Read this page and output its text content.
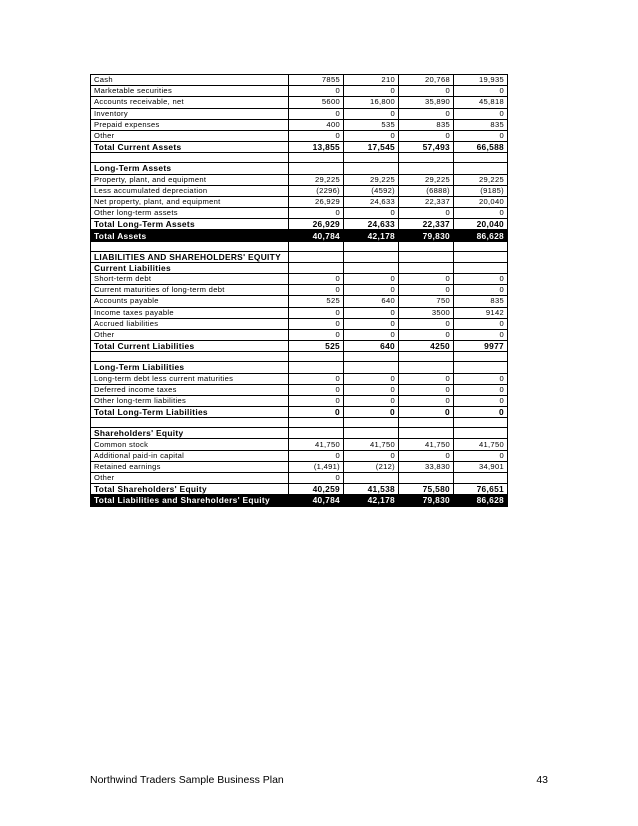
Cash	7855	210	20,768	19,935
Marketable securities	0	0	0	0
Accounts receivable, net	5600	16,800	35,890	45,818
Inventory	0	0	0	0
Prepaid expenses	400	535	835	835
Other	0	0	0	0
Total Current Assets	13,855	17,545	57,493	66,588

Long-Term Assets				
Property, plant, and equipment	29,225	29,225	29,225	29,225
Less accumulated depreciation	(2296)	(4592)	(6888)	(9185)
Net property, plant, and equipment	26,929	24,633	22,337	20,040
Other long-term assets	0	0	0	0
Total Long-Term Assets	26,929	24,633	22,337	20,040
Total Assets	40,784	42,178	79,830	86,628

LIABILITIES AND SHAREHOLDERS' EQUITY				
Current Liabilities				
Short-term debt	0	0	0	0
Current maturities of long-term debt	0	0	0	0
Accounts payable	525	640	750	835
Income taxes payable	0	0	3500	9142
Accrued liabilities	0	0	0	0
Other	0	0	0	0
Total Current Liabilities	525	640	4250	9977

Long-Term Liabilities				
Long-term debt less current maturities	0	0	0	0
Deferred income taxes	0	0	0	0
Other long-term liabilities	0	0	0	0
Total Long-Term Liabilities	0	0	0	0

Shareholders' Equity				
Common stock	41,750	41,750	41,750	41,750
Additional paid-in capital	0	0	0	0
Retained earnings	(1,491)	(212)	33,830	34,901
Other	0			
Total Shareholders' Equity	40,259	41,538	75,580	76,651
Total Liabilities and Shareholders' Equity	40,784	42,178	79,830	86,628
Northwind Traders Sample Business Plan	43
